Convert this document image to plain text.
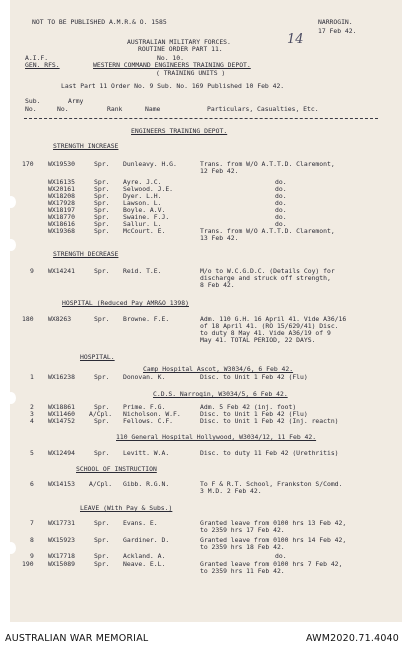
NOT TO BE PUBLISHED A.M.R.& O. 1585	NARROGIN.
17 Feb 42.
AUSTRALIAN MILITARY FORCES.
ROUTINE ORDER PART 11.
14
A.I.F.	No. 10.
GEN. RFS.	WESTERN COMMAND ENGINEERS TRAINING DEPOT.
( TRAINING UNITS )
Last Part 11 Order No. 9 Sub. No. 169 Published 10 Feb 42.
Sub.
No.
Army
No.	Rank	Name	Particulars, Casualties, Etc.
ENGINEERS TRAINING DEPOT.
STRENGTH INCREASE
170 WX19530	Spr. Dunleavy. H.G.	Trans. from W/O A.T.T.D. Claremont,
12 Feb 42.
WX16135	Spr. Ayre. J.C.	do.
WX20161	Spr. Selwood. J.E.	do.
WX18208	Spr. Dyer. L.H.	do.
WX17928	Spr. Lawson. L.	do.
WX18197	Spr. Boyle. A.V.	do.
WX18770	Spr. Swaine. F.J.	do.
WX18616	Spr. Sallur. L.	do.
WX19368	Spr. McCourt. E.	Trans. from W/O A.T.T.D. Claremont,
13 Feb 42.
STRENGTH DECREASE
9 WX14241	Spr. Reid. T.E.	M/o to W.C.G.D.C. (Details Coy) for
discharge and struck off strength,
8 Feb 42.
HOSPITAL (Reduced Pay AMR&O 1398)
180 WX8263	Spr. Browne. F.E.	Adm. 110 G.H. 16 April 41. Vide A36/16
of 18 April 41. (RO 15/629/41) Disc.
to duty 8 May 41. Vide A36/19 of 9
May 41. TOTAL PERIOD, 22 DAYS.
HOSPITAL.
Camp Hospital Ascot, W3034/6, 6 Feb 42.
1 WX16238	Spr. Donovan. K.	Disc. to Unit 1 Feb 42 (Flu)
C.D.S. Narrogin, W3034/5, 6 Feb 42.
2 WX18861	Spr. Prime. F.G.	Adm. 5 Feb 42 (inj. foot)
3 WX11460 A/Cpl. Nicholson. W.F.	Disc. to Unit 1 Feb 42 (Flu)
4 WX14752	Spr. Fellows. C.F.	Disc. to Unit 1 Feb 42 (Inj. reactn)
110 General Hospital Hollywood, W3034/12, 11 Feb 42.
5 WX12494	Spr. Levitt. W.A.	Disc. to duty 11 Feb 42 (Urethritis)
SCHOOL OF INSTRUCTION
6 WX14153 A/Cpl. Gibb. R.G.N.	To F & R.T. School, Frankston S/Comd.
3 M.D. 2 Feb 42.
LEAVE (With Pay & Subs.)
7 WX17731	Spr. Evans. E.	Granted leave from 0100 hrs 13 Feb 42,
to 2359 hrs 17 Feb 42.
8 WX15923	Spr. Gardiner. D.	Granted leave from 0100 hrs 14 Feb 42,
to 2359 hrs 18 Feb 42.
9 WX17718	Spr. Ackland. A.	do.
190 WX15089	Spr. Neave. E.L.	Granted leave from 0100 hrs 7 Feb 42,
to 2359 hrs 11 Feb 42.
AUSTRALIAN WAR MEMORIAL	AWM2020.71.4040
